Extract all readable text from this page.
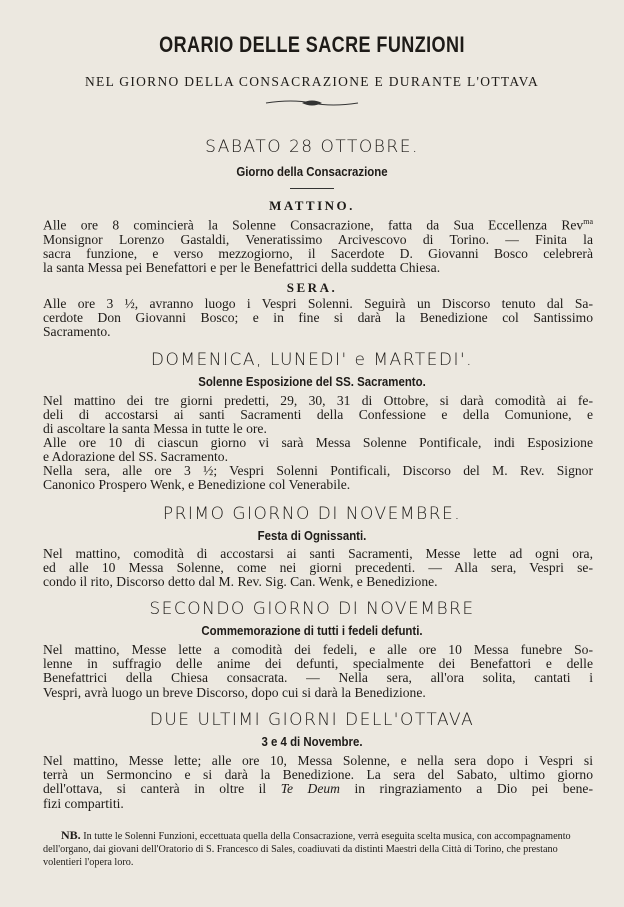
ORARIO DELLE SACRE FUNZIONI
NEL GIORNO DELLA CONSACRAZIONE E DURANTE L'OTTAVA
SABATO 28 OTTOBRE.
Giorno della Consacrazione
MATTINO.
Alle ore 8 comincierà la Solenne Consacrazione, fatta da Sua Eccellenza Rev$^{ma}$
Monsignor Lorenzo Gastaldi, Veneratissimo Arcivescovo di Torino. — Finita la
sacra funzione, e verso mezzogiorno, il Sacerdote D. Giovanni Bosco celebrerà
la santa Messa pei Benefattori e per le Benefattrici della suddetta Chiesa.
SERA.
Alle ore 3 ½, avranno luogo i Vespri Solenni. Seguirà un Discorso tenuto dal Sa-
cerdote Don Giovanni Bosco; e in fine si darà la Benedizione col Santissimo
Sacramento.
DOMENICA, LUNEDI' e MARTEDI'.
Solenne Esposizione del SS. Sacramento.
Nel mattino dei tre giorni predetti, 29, 30, 31 di Ottobre, si darà comodità ai fe-
deli di accostarsi ai santi Sacramenti della Confessione e della Comunione, e
di ascoltare la santa Messa in tutte le ore.
Alle ore 10 di ciascun giorno vi sarà Messa Solenne Pontificale, indi Esposizione
e Adorazione del SS. Sacramento.
Nella sera, alle ore 3 ½; Vespri Solenni Pontificali, Discorso del M. Rev. Signor
Canonico Prospero Wenk, e Benedizione col Venerabile.
PRIMO GIORNO DI NOVEMBRE.
Festa di Ognissanti.
Nel mattino, comodità di accostarsi ai santi Sacramenti, Messe lette ad ogni ora,
ed alle 10 Messa Solenne, come nei giorni precedenti. — Alla sera, Vespri se-
condo il rito, Discorso detto dal M. Rev. Sig. Can. Wenk, e Benedizione.
SECONDO GIORNO DI NOVEMBRE
Commemorazione di tutti i fedeli defunti.
Nel mattino, Messe lette a comodità dei fedeli, e alle ore 10 Messa funebre So-
lenne in suffragio delle anime dei defunti, specialmente dei Benefattori e delle
Benefattrici della Chiesa consacrata. — Nella sera, all'ora solita, cantati i
Vespri, avrà luogo un breve Discorso, dopo cui si darà la Benedizione.
DUE ULTIMI GIORNI DELL'OTTAVA
3 e 4 di Novembre.
Nel mattino, Messe lette; alle ore 10, Messa Solenne, e nella sera dopo i Vespri si
terrà un Sermoncino e si darà la Benedizione. La sera del Sabato, ultimo giorno
dell'ottava, si canterà in oltre il Te Deum in ringraziamento a Dio pei bene-
fizi compartiti.
NB. In tutte le Solenni Funzioni, eccettuata quella della Consacrazione, verrà eseguita scelta musica, con accompagnamento dell'organo, dai giovani dell'Oratorio di S. Francesco di Sales, coadiuvati da distinti Maestri della Città di Torino, che prestano volentieri l'opera loro.
